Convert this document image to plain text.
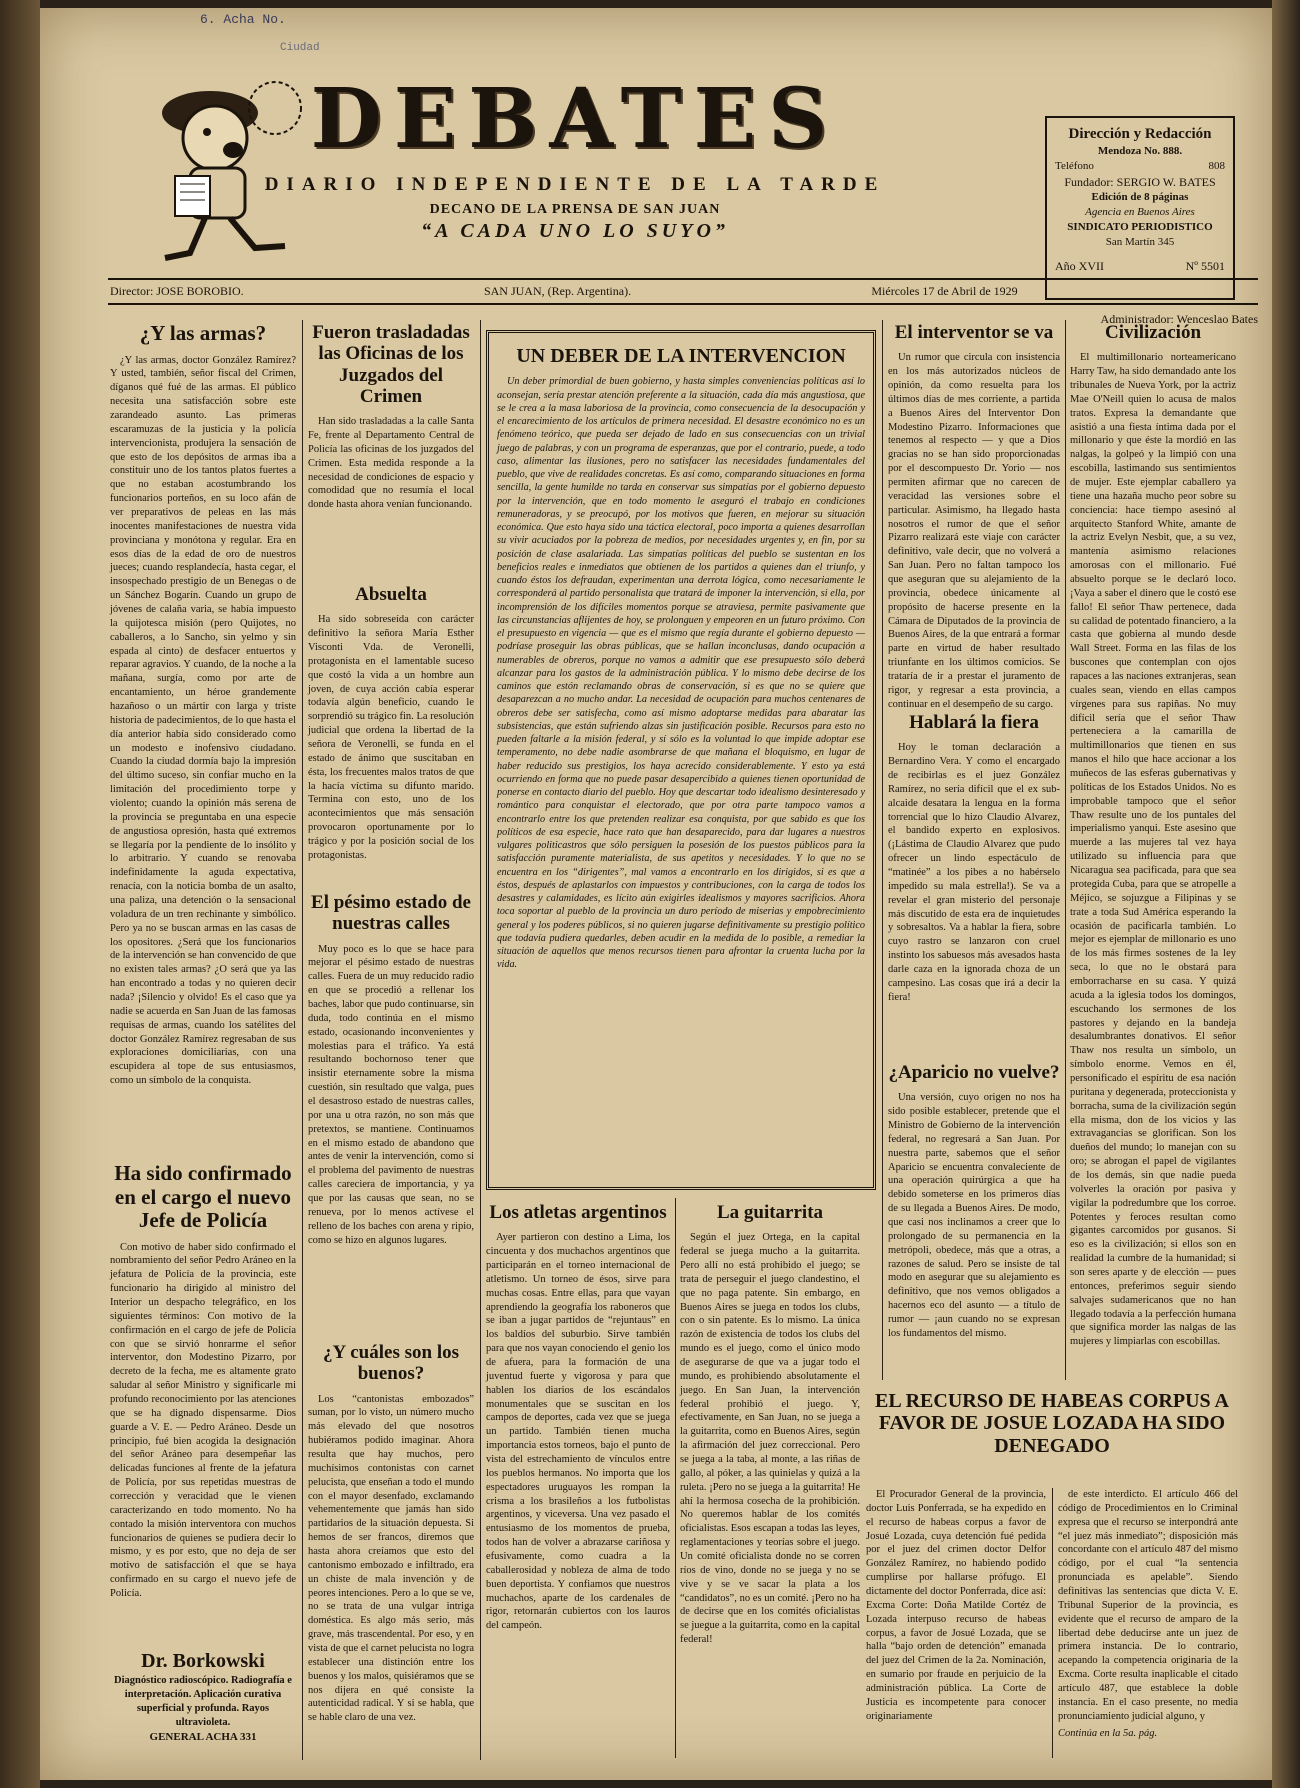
6. Acha No.
Ciudad
DEBATES
DIARIO INDEPENDIENTE DE LA TARDE
DECANO DE LA PRENSA DE SAN JUAN
“A CADA UNO LO SUYO”
Dirección y Redacción
Mendoza No. 888.
Teléfono	808
Fundador: SERGIO W. BATES
Edición de 8 páginas
Agencia en Buenos Aires
SINDICATO PERIODISTICO
San Martín 345
Año XVII	Nº 5501
Director: JOSE BOROBIO.	SAN JUAN, (Rep. Argentina).	Miércoles 17 de Abril de 1929
Administrador: Wenceslao Bates
¿Y las armas?

¿Y las armas, doctor González Ramírez? Y usted, también, señor fiscal del Crimen, díganos qué fué de las armas. El público necesita una satisfacción sobre este zarandeado asunto. Las primeras escaramuzas de la justicia y la policía intervencionista, produjera la sensación de que esto de los depósitos de armas iba a constituir uno de los tantos platos fuertes a que no estaban acostumbrando los funcionarios porteños, en su loco afán de ver preparativos de peleas en las más inocentes manifestaciones de nuestra vida provinciana y monótona y regular. Era en esos días de la edad de oro de nuestros jueces; cuando resplandecía, hasta cegar, el insospechado prestigio de un Benegas o de un Sánchez Bogarín. Cuando un grupo de jóvenes de calaña varia, se había impuesto la quijotesca misión (pero Quijotes, no caballeros, a lo Sancho, sin yelmo y sin espada al cinto) de desfacer entuertos y reparar agravios. Y cuando, de la noche a la mañana, surgía, como por arte de encantamiento, un héroe grandemente hazañoso o un mártir con larga y triste historia de padecimientos, de lo que hasta el día anterior había sido considerado como un modesto e inofensivo ciudadano. Cuando la ciudad dormía bajo la impresión del último suceso, sin confiar mucho en la limitación del procedimiento torpe y violento; cuando la opinión más serena de la provincia se preguntaba en una especie de angustiosa opresión, hasta qué extremos se llegaría por la pendiente de lo insólito y lo arbitrario. Y cuando se renovaba indefinidamente la aguda expectativa, renacía, con la noticia bomba de un asalto, una paliza, una detención o la sensacional voladura de un tren rechinante y simbólico. Pero ya no se buscan armas en las casas de los opositores. ¿Será que los funcionarios de la intervención se han convencido de que no existen tales armas? ¿O será que ya las han encontrado a todas y no quieren decir nada? ¡Silencio y olvido! Es el caso que ya nadie se acuerda en San Juan de las famosas requisas de armas, cuando los satélites del doctor González Ramírez regresaban de sus exploraciones domiciliarias, con una escupidera al tope de sus entusiasmos, como un símbolo de la conquista.

Ha sido confirmado en el cargo el nuevo Jefe de Policía

Con motivo de haber sido confirmado el nombramiento del señor Pedro Aráneo en la jefatura de Policía de la provincia, este funcionario ha dirigido al ministro del Interior un despacho telegráfico, en los siguientes términos: Con motivo de la confirmación en el cargo de jefe de Policía con que se sirvió honrarme el señor interventor, don Modestino Pizarro, por decreto de la fecha, me es altamente grato saludar al señor Ministro y significarle mi profundo reconocimiento por las atenciones que se ha dignado dispensarme. Dios guarde a V. E. — Pedro Aráneo. Desde un principio, fué bien acogida la designación del señor Aráneo para desempeñar las delicadas funciones al frente de la jefatura de Policía, por sus repetidas muestras de corrección y veracidad que le vienen caracterizando en todo momento. No ha contado la misión interventora con muchos funcionarios de quienes se pudiera decir lo mismo, y es por esto, que no deja de ser motivo de satisfacción el que se haya confirmado en su cargo el nuevo jefe de Policía.

Dr. Borkowski
Diagnóstico radioscópico. Radiografía e interpretación. Aplicación curativa superficial y profunda. Rayos ultravioleta.
GENERAL ACHA 331
Fueron trasladadas las Oficinas de los Juzgados del Crimen

Han sido trasladadas a la calle Santa Fe, frente al Departamento Central de Policía las oficinas de los juzgados del Crimen. Esta medida responde a la necesidad de condiciones de espacio y comodidad que no resumía el local donde hasta ahora venían funcionando.

Absuelta

Ha sido sobreseída con carácter definitivo la señora María Esther Visconti Vda. de Veronelli, protagonista en el lamentable suceso que costó la vida a un hombre aun joven, de cuya acción cabía esperar todavía algún beneficio, cuando le sorprendió su trágico fin. La resolución judicial que ordena la libertad de la señora de Veronelli, se funda en el estado de ánimo que suscitaban en ésta, los frecuentes malos tratos de que la hacía víctima su difunto marido. Termina con esto, uno de los acontecimientos que más sensación provocaron oportunamente por lo trágico y por la posición social de los protagonistas.

El pésimo estado de nuestras calles

Muy poco es lo que se hace para mejorar el pésimo estado de nuestras calles. Fuera de un muy reducido radio en que se procedió a rellenar los baches, labor que pudo continuarse, sin duda, todo continúa en el mismo estado, ocasionando inconvenientes y molestias para el tráfico. Ya está resultando bochornoso tener que insistir eternamente sobre la misma cuestión, sin resultado que valga, pues el desastroso estado de nuestras calles, por una u otra razón, no son más que pretextos, se mantiene. Continuamos en el mismo estado de abandono que antes de venir la intervención, como si el problema del pavimento de nuestras calles careciera de importancia, y ya que por las causas que sean, no se renueva, por lo menos actívese el relleno de los baches con arena y ripio, como se hizo en algunos lugares.

¿Y cuáles son los buenos?

Los “cantonistas embozados” suman, por lo visto, un número mucho más elevado del que nosotros hubiéramos podido imaginar. Ahora resulta que hay muchos, pero muchísimos contonistas con carnet pelucista, que enseñan a todo el mundo con el mayor desenfado, exclamando vehementemente que jamás han sido partidarios de la situación depuesta. Si hemos de ser francos, diremos que hasta ahora creíamos que esto del cantonismo embozado e infiltrado, era un chiste de mala invención y de peores intenciones. Pero a lo que se ve, no se trata de una vulgar intriga doméstica. Es algo más serio, más grave, más trascendental. Por eso, y en vista de que el carnet pelucista no logra establecer una distinción entre los buenos y los malos, quisiéramos que se nos dijera en qué consiste la autenticidad radical. Y si se habla, que se hable claro de una vez.

UN DEBER DE LA INTERVENCION

Un deber primordial de buen gobierno, y hasta simples conveniencias políticas así lo aconsejan, sería prestar atención preferente a la situación, cada día más angustiosa, que se le crea a la masa laboriosa de la provincia, como consecuencia de la desocupación y el encarecimiento de los artículos de primera necesidad. El desastre económico no es un fenómeno teórico, que pueda ser dejado de lado en sus consecuencias con un trivial juego de palabras, y con un programa de esperanzas, que por el contrario, puede, a todo caso, alimentar las ilusiones, pero no satisfacer las necesidades fundamentales del pueblo, que vive de realidades concretas. Es así como, comparando situaciones en forma sencilla, la gente humilde no tarda en conservar sus simpatías por el gobierno depuesto por la intervención, que en todo momento le aseguró el trabajo en condiciones remuneradoras, y se preocupó, por los motivos que fueren, en mejorar su situación económica. Que esto haya sido una táctica electoral, poco importa a quienes desarrollan su vivir acuciados por la pobreza de medios, por necesidades urgentes y, en fin, por su posición de clase asalariada. Las simpatías políticas del pueblo se sustentan en los beneficios reales e inmediatos que obtienen de los partidos a quienes dan el triunfo, y cuando éstos los defraudan, experimentan una derrota lógica, como necesariamente le corresponderá al partido personalista que tratará de imponer la intervención, si ella, por incomprensión de los difíciles momentos porque se atraviesa, permite pasivamente que las circunstancias aflijentes de hoy, se prolonguen y empeoren en un futuro próximo. Con el presupuesto en vigencia — que es el mismo que regía durante el gobierno depuesto — podríase proseguir las obras públicas, que se hallan inconclusas, dando ocupación a numerables de obreros, porque no vamos a admitir que ese presupuesto sólo deberá alcanzar para los gastos de la administración pública. Y lo mismo debe decirse de los caminos que estón reclamando obras de conservación, si es que no se quiere que desaparezcan a no mucho andar. La necesidad de ocupación para muchos centenares de obreros debe ser satisfecha, como así mismo adoptarse medidas para abaratar las subsistencias, que están sufriendo alzas sin justificación posible. Recursos para esto no pueden faltarle a la misión federal, y sí sólo es la voluntad lo que impide adoptar ese temperamento, no debe nadie asombrarse de que mañana el bloquismo, en lugar de haber reducido sus prestigios, los haya acrecido considerablemente. Y esto ya está ocurriendo en forma que no puede pasar desapercibido a quienes tienen oportunidad de ponerse en contacto diario del pueblo. Hoy que descartar todo idealismo desinteresado y romántico para conquistar el electorado, que por otra parte tampoco vamos a encontrarlo entre los que pretenden realizar esa conquista, por que sabido es que los políticos de esa especie, hace rato que han desaparecido, para dar lugares a nuestros vulgares politicastros que sólo persiguen la posesión de los puestos públicos para la satisfacción puramente materialista, de sus apetitos y necesidades. Y lo que no se encuentra en los “dirigentes”, mal vamos a encontrarlo en los dirigidos, si es que a éstos, después de aplastarlos con impuestos y contribuciones, con la carga de todos los desastres y calamidades, es lícito aún exigirles idealismos y mayores sacrificios. Ahora toca soportar al pueblo de la provincia un duro período de miserias y empobrecimiento general y los poderes públicos, si no quieren jugarse definitivamente su prestigio político que todavía pudiera quedarles, deben acudir en la medida de lo posible, a remediar la situación de aquellos que menos recursos tienen para afrontar la cruenta lucha por la vida.

El interventor se va

Un rumor que circula con insistencia en los más autorizados núcleos de opinión, da como resuelta para los últimos días de mes corriente, a partida a Buenos Aires del Interventor Don Modestino Pizarro. Informaciones que tenemos al respecto — y que a Dios gracias no se han sido proporcionadas por el descompuesto Dr. Yorio — nos permiten afirmar que no carecen de veracidad las versiones sobre el particular. Asimismo, ha llegado hasta nosotros el rumor de que el señor Pizarro realizará este viaje con carácter definitivo, vale decir, que no volverá a San Juan. Pero no faltan tampoco los que aseguran que su alejamiento de la provincia, obedece únicamente al propósito de hacerse presente en la Cámara de Diputados de la provincia de Buenos Aires, de la que entrará a formar parte en virtud de haber resultado triunfante en los últimos comicios. Se trataría de ir a prestar el juramento de rigor, y regresar a esta provincia, a continuar en el desempeño de su cargo.

Hablará la fiera

Hoy le toman declaración a Bernardino Vera. Y como el encargado de recibirlas es el juez González Ramírez, no sería difícil que el ex sub-alcaide desatara la lengua en la forma torrencial que lo hizo Claudio Alvarez, el bandido experto en explosivos. (¡Lástima de Claudio Alvarez que pudo ofrecer un lindo espectáculo de “matinée” a los pibes a no habérselo impedido su mala estrella!). Se va a revelar el gran misterio del personaje más discutido de esta era de inquietudes y sobresaltos. Va a hablar la fiera, sobre cuyo rastro se lanzaron con cruel instinto los sabuesos más avesados hasta darle caza en la ignorada choza de un campesino. Las cosas que irá a decir la fiera!

¿Aparicio no vuelve?

Una versión, cuyo origen no nos ha sido posible establecer, pretende que el Ministro de Gobierno de la intervención federal, no regresará a San Juan. Por nuestra parte, sabemos que el señor Aparicio se encuentra convaleciente de una operación quirúrgica a que ha debido someterse en los primeros días de su llegada a Buenos Aires. De modo, que casi nos inclinamos a creer que lo prolongado de su permanencia en la metrópoli, obedece, más que a otras, a razones de salud. Pero se insiste de tal modo en asegurar que su alejamiento es definitivo, que nos vemos obligados a hacernos eco del asunto — a título de rumor — ¡aun cuando no se expresan los fundamentos del mismo.

Civilización

El multimillonario norteamericano Harry Taw, ha sido demandado ante los tribunales de Nueva York, por la actriz Mae O'Neill quien lo acusa de malos tratos. Expresa la demandante que asistió a una fiesta íntima dada por el millonario y que éste la mordió en las nalgas, la golpeó y la limpió con una escobilla, lastimando sus sentimientos de mujer. Este ejemplar caballero ya tiene una hazaña mucho peor sobre su conciencia: hace tiempo asesinó al arquitecto Stanford White, amante de la actriz Evelyn Nesbit, que, a su vez, mantenía asimismo relaciones amorosas con el millonario. Fué absuelto porque se le declaró loco. ¡Vaya a saber el dinero que le costó ese fallo! El señor Thaw pertenece, dada su calidad de potentado financiero, a la casta que gobierna al mundo desde Wall Street. Forma en las filas de los buscones que contemplan con ojos rapaces a las naciones extranjeras, sean cuales sean, viendo en ellas campos vírgenes para sus rapiñas. No muy difícil sería que el señor Thaw perteneciera a la camarilla de multimillonarios que tienen en sus manos el hilo que hace accionar a los muñecos de las esferas gubernativas y políticas de los Estados Unidos. No es improbable tampoco que el señor Thaw resulte uno de los puntales del imperialismo yanqui. Este asesino que muerde a las mujeres tal vez haya utilizado su influencia para que Nicaragua sea pacificada, para que sea protegida Cuba, para que se atropelle a Méjico, se sojuzgue a Filipinas y se trate a toda Sud América esperando la ocasión de pacificarla también. Lo mejor es ejemplar de millonario es uno de los más firmes sostenes de la ley seca, lo que no le obstará para emborracharse en su casa. Y quizá acuda a la iglesia todos los domingos, escuchando los sermones de los pastores y dejando en la bandeja desalumbrantes donativos. El señor Thaw nos resulta un símbolo, un símbolo enorme. Vemos en él, personificado el espíritu de esa nación puritana y degenerada, proteccionista y borracha, suma de la civilización según ella misma, don de los vicios y las extravagancias se glorifican. Son los dueños del mundo; lo manejan con su oro; se abrogan el papel de vigilantes de los demás, sin que nadie pueda volverles la oración por pasiva y vigilar la podredumbre que los corroe. Potentes y feroces resultan como gigantes carcomidos por gusanos. Si eso es la civilización; si ellos son en realidad la cumbre de la humanidad; si son seres aparte y de elección — pues entonces, preferimos seguir siendo salvajes sudamericanos que no han llegado todavía a la perfección humana que significa morder las nalgas de las mujeres y limpiarlas con escobillas.

Los atletas argentinos

Ayer partieron con destino a Lima, los cincuenta y dos muchachos argentinos que participarán en el torneo internacional de atletismo. Un torneo de ésos, sirve para muchas cosas. Entre ellas, para que vayan aprendiendo la geografía los raboneros que se iban a jugar partidos de “rejuntaus” en los baldíos del suburbio. Sirve también para que nos vayan conociendo el genio los de afuera, para la formación de una juventud fuerte y vigorosa y para que hablen los diarios de los escándalos monumentales que se suscitan en los campos de deportes, cada vez que se juega un partido. También tienen mucha importancia estos torneos, bajo el punto de vista del estrechamiento de vínculos entre los pueblos hermanos. No importa que los espectadores uruguayos les rompan la crisma a los brasileños a los futbolistas argentinos, y viceversa. Una vez pasado el entusiasmo de los momentos de prueba, todos han de volver a abrazarse cariñosa y efusivamente, como cuadra a la caballerosidad y nobleza de alma de todo buen deportista. Y confiamos que nuestros muchachos, aparte de los cardenales de rigor, retornarán cubiertos con los lauros del campeón.

La guitarrita

Según el juez Ortega, en la capital federal se juega mucho a la guitarrita. Pero allí no está prohibido el juego; se trata de perseguir el juego clandestino, el que no paga patente. Sin embargo, en Buenos Aires se juega en todos los clubs, con o sin patente. Es lo mismo. La única razón de existencia de todos los clubs del mundo es el juego, como el único modo de asegurarse de que va a jugar todo el mundo, es prohibiendo absolutamente el juego. En San Juan, la intervención federal prohibió el juego. Y, efectivamente, en San Juan, no se juega a la guitarrita, como en Buenos Aires, según la afirmación del juez correccional. Pero se juega a la taba, al monte, a las riñas de gallo, al póker, a las quinielas y quizá a la ruleta. ¡Pero no se juega a la guitarrita! He ahí la hermosa cosecha de la prohibición. No queremos hablar de los comités oficialistas. Esos escapan a todas las leyes, reglamentaciones y teorías sobre el juego. Un comité oficialista donde no se corren ríos de vino, donde no se juega y no se vive y se ve sacar la plata a los “candidatos”, no es un comité. ¡Pero no ha de decirse que en los comités oficialistas se juegue a la guitarrita, como en la capital federal!

EL RECURSO DE HABEAS CORPUS A FAVOR DE JOSUE LOZADA HA SIDO DENEGADO

El Procurador General de la provincia, doctor Luis Ponferrada, se ha expedido en el recurso de habeas corpus a favor de Josué Lozada, cuya detención fué pedida por el juez del crimen doctor Delfor González Ramírez, no habiendo podido cumplirse por hallarse prófugo. El dictamente del doctor Ponferrada, dice así: Excma Corte: Doña Matilde Cortéz de Lozada interpuso recurso de habeas corpus, a favor de Josué Lozada, que se halla “bajo orden de detención” emanada del juez del Crimen de la 2a. Nominación, en sumario por fraude en perjuicio de la administración pública. La Corte de Justicia es incompetente para conocer originariamente

de este interdicto. El artículo 466 del código de Procedimientos en lo Criminal expresa que el recurso se interpondrá ante “el juez más inmediato”; disposición más concordante con el artículo 487 del mismo código, por el cual “la sentencia pronunciada es apelable”. Siendo definitivas las sentencias que dicta V. E. Tribunal Superior de la provincia, es evidente que el recurso de amparo de la libertad debe deducirse ante un juez de primera instancia. De lo contrario, acepando la competencia originaria de la Excma. Corte resulta inaplicable el citado artículo 487, que establece la doble instancia. En el caso presente, no media pronunciamiento judicial alguno, y

Continúa en la 5a. pág.
